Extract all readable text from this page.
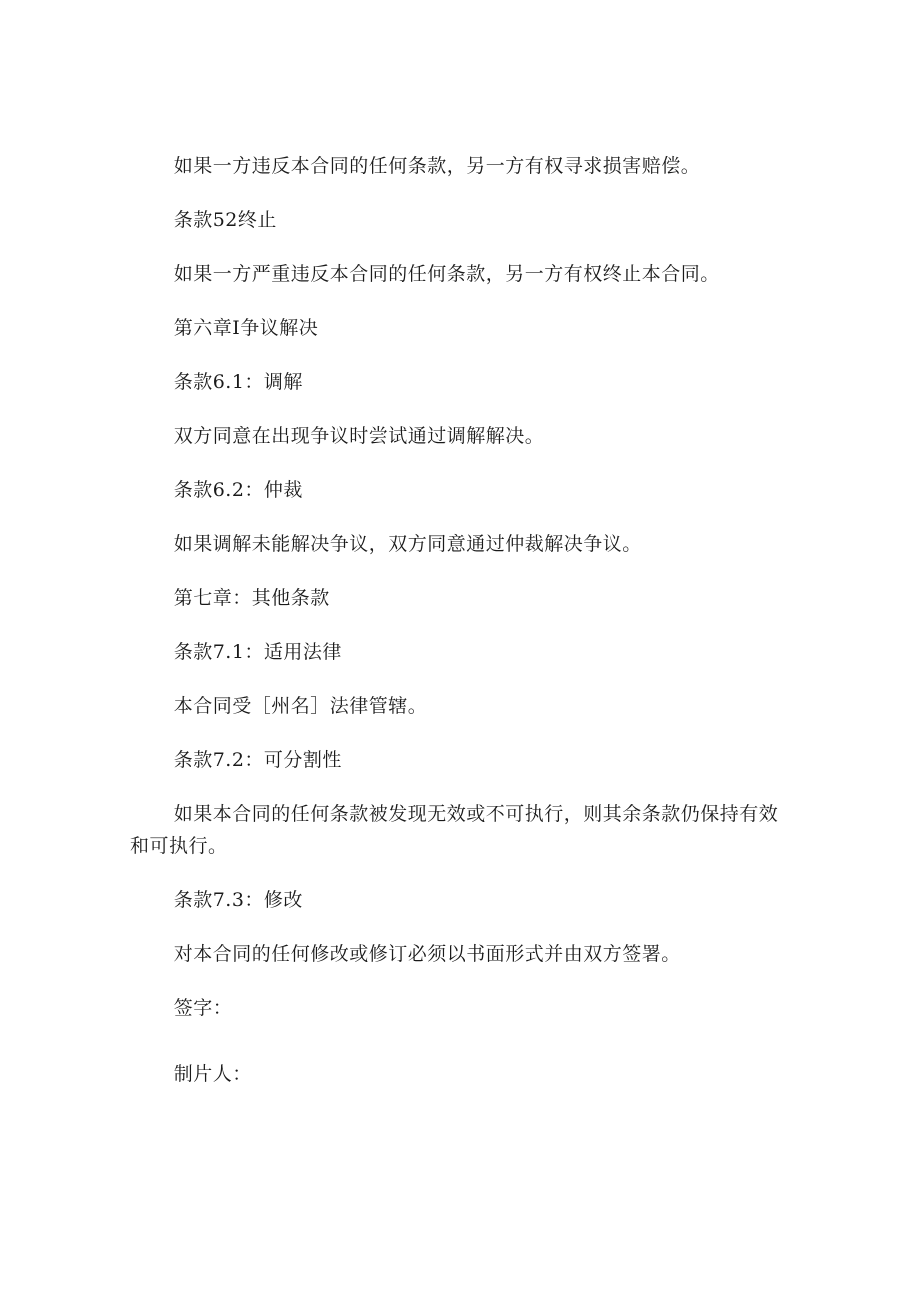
如果一方违反本合同的任何条款，另一方有权寻求损害赔偿。

条款52终止

如果一方严重违反本合同的任何条款，另一方有权终止本合同。

第六章I争议解决

条款6.1：调解

双方同意在出现争议时尝试通过调解解决。

条款6.2：仲裁

如果调解未能解决争议，双方同意通过仲裁解决争议。

第七章：其他条款

条款7.1：适用法律

本合同受［州名］法律管辖。

条款7.2：可分割性

如果本合同的任何条款被发现无效或不可执行，则其余条款仍保持有效和可执行。

条款7.3：修改

对本合同的任何修改或修订必须以书面形式并由双方签署。

签字：

制片人：
